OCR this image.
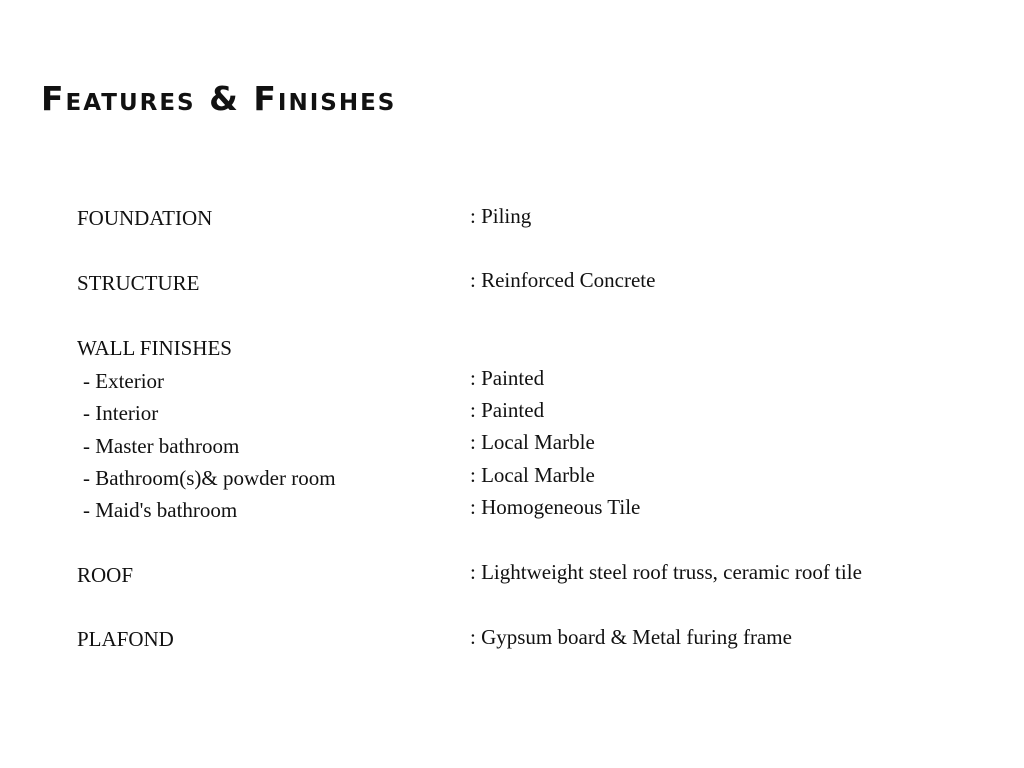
Features & Finishes
FOUNDATION	: Piling
STRUCTURE	: Reinforced Concrete
WALL FINISHES
- Exterior	: Painted
- Interior	: Painted
- Master bathroom	: Local Marble
- Bathroom(s)& powder room	: Local Marble
- Maid's bathroom	: Homogeneous Tile
ROOF	: Lightweight steel roof truss, ceramic roof tile
PLAFOND	: Gypsum board & Metal furing frame
